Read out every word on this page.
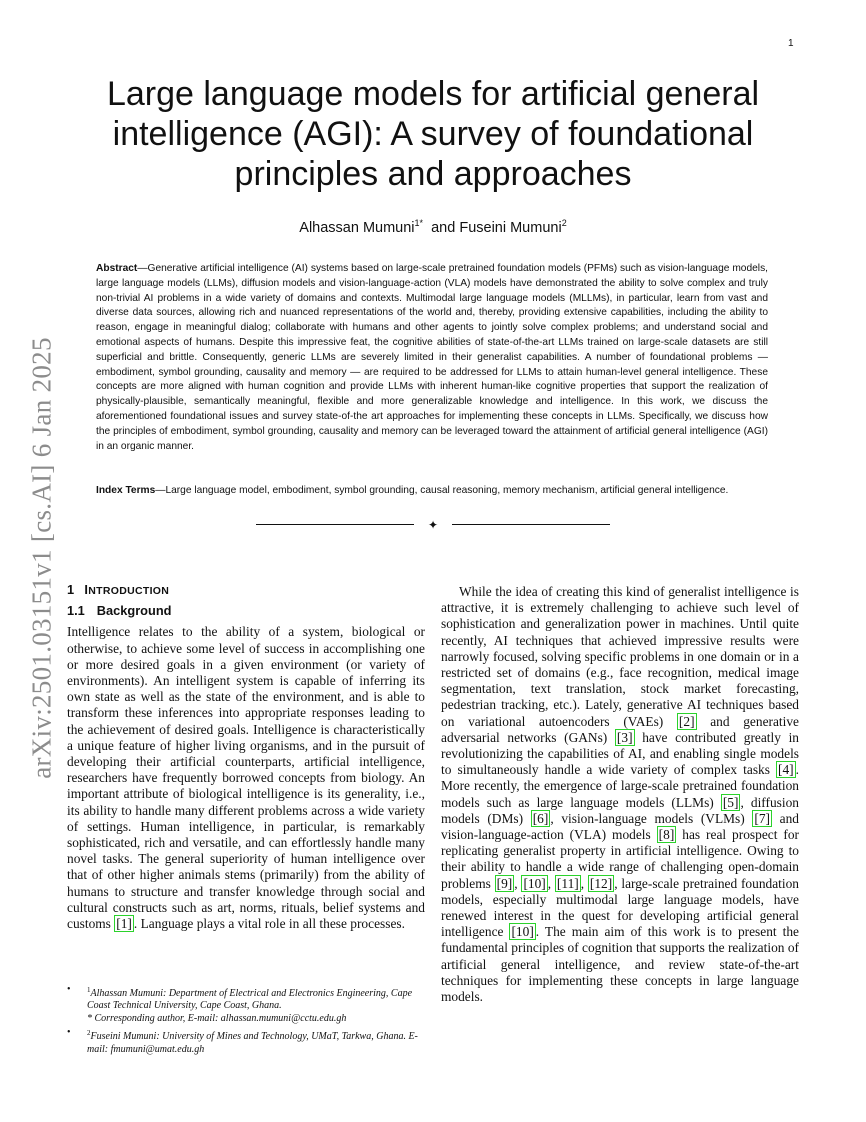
1
arXiv:2501.03151v1 [cs.AI] 6 Jan 2025
Large language models for artificial general
intelligence (AGI): A survey of foundational
principles and approaches
Alhassan Mumuni$^{1*}$ and Fuseini Mumuni$^2$
Abstract—Generative artificial intelligence (AI) systems based on large-scale pretrained foundation models (PFMs) such as vision-language models, large language models (LLMs), diffusion models and vision-language-action (VLA) models have demonstrated the ability to solve complex and truly non-trivial AI problems in a wide variety of domains and contexts. Multimodal large language models (MLLMs), in particular, learn from vast and diverse data sources, allowing rich and nuanced representations of the world and, thereby, providing extensive capabilities, including the ability to reason, engage in meaningful dialog; collaborate with humans and other agents to jointly solve complex problems; and understand social and emotional aspects of humans. Despite this impressive feat, the cognitive abilities of state-of-the-art LLMs trained on large-scale datasets are still superficial and brittle. Consequently, generic LLMs are severely limited in their generalist capabilities. A number of foundational problems —embodiment, symbol grounding, causality and memory — are required to be addressed for LLMs to attain human-level general intelligence. These concepts are more aligned with human cognition and provide LLMs with inherent human-like cognitive properties that support the realization of physically-plausible, semantically meaningful, flexible and more generalizable knowledge and intelligence. In this work, we discuss the aforementioned foundational issues and survey state-of-the art approaches for implementing these concepts in LLMs. Specifically, we discuss how the principles of embodiment, symbol grounding, causality and memory can be leveraged toward the attainment of artificial general intelligence (AGI) in an organic manner.
Index Terms—Large language model, embodiment, symbol grounding, causal reasoning, memory mechanism, artificial general intelligence.
✦
1 INTRODUCTION
1.1 Background

Intelligence relates to the ability of a system, biological or otherwise, to achieve some level of success in accomplishing one or more desired goals in a given environment (or variety of environments). An intelligent system is capable of inferring its own state as well as the state of the environment, and is able to transform these inferences into appropriate responses leading to the achievement of desired goals. Intelligence is characteristically a unique feature of higher living organisms, and in the pursuit of developing their artificial counterparts, artificial intelligence, researchers have frequently borrowed concepts from biology. An important attribute of biological intelligence is its generality, i.e., its ability to handle many different problems across a wide variety of settings. Human intelligence, in particular, is remarkably sophisticated, rich and versatile, and can effortlessly handle many novel tasks. The general superiority of human intelligence over that of other higher animals stems (primarily) from the ability of humans to structure and transfer knowledge through social and cultural constructs such as art, norms, rituals, belief systems and customs [1] . Language plays a vital role in all these processes.

While the idea of creating this kind of generalist intelligence is attractive, it is extremely challenging to achieve such level of sophistication and generalization power in machines. Until quite recently, AI techniques that achieved impressive results were narrowly focused, solving specific problems in one domain or in a restricted set of domains (e.g., face recognition, medical image segmentation, text translation, stock market forecasting, pedestrian tracking, etc.). Lately, generative AI techniques based on variational autoencoders (VAEs) [2] and generative adversarial networks (GANs) [3] have contributed greatly in revolutionizing the capabilities of AI, and enabling single models to simultaneously handle a wide variety of complex tasks [4] . More recently, the emergence of large-scale pretrained foundation models such as large language models (LLMs) [5] , diffusion models (DMs) [6] , vision-language models (VLMs) [7] and vision-language-action (VLA) models [8] has real prospect for replicating generalist property in artificial intelligence. Owing to their ability to handle a wide range of challenging open-domain problems [9] , [10] , [11] , [12] , large-scale pretrained foundation models, especially multimodal large language models, have renewed interest in the quest for developing artificial general intelligence [10] . The main aim of this work is to present the fundamental principles of cognition that supports the realization of artificial general intelligence, and review state-of-the-art techniques for implementing these concepts in large language models.

• $^1$Alhassan Mumuni: Department of Electrical and Electronics Engineering, Cape Coast Technical University, Cape Coast, Ghana.
* Corresponding author, E-mail: alhassan.mumuni@cctu.edu.gh
• $^2$Fuseini Mumuni: University of Mines and Technology, UMaT, Tarkwa, Ghana. E-mail: fmumuni@umat.edu.gh
